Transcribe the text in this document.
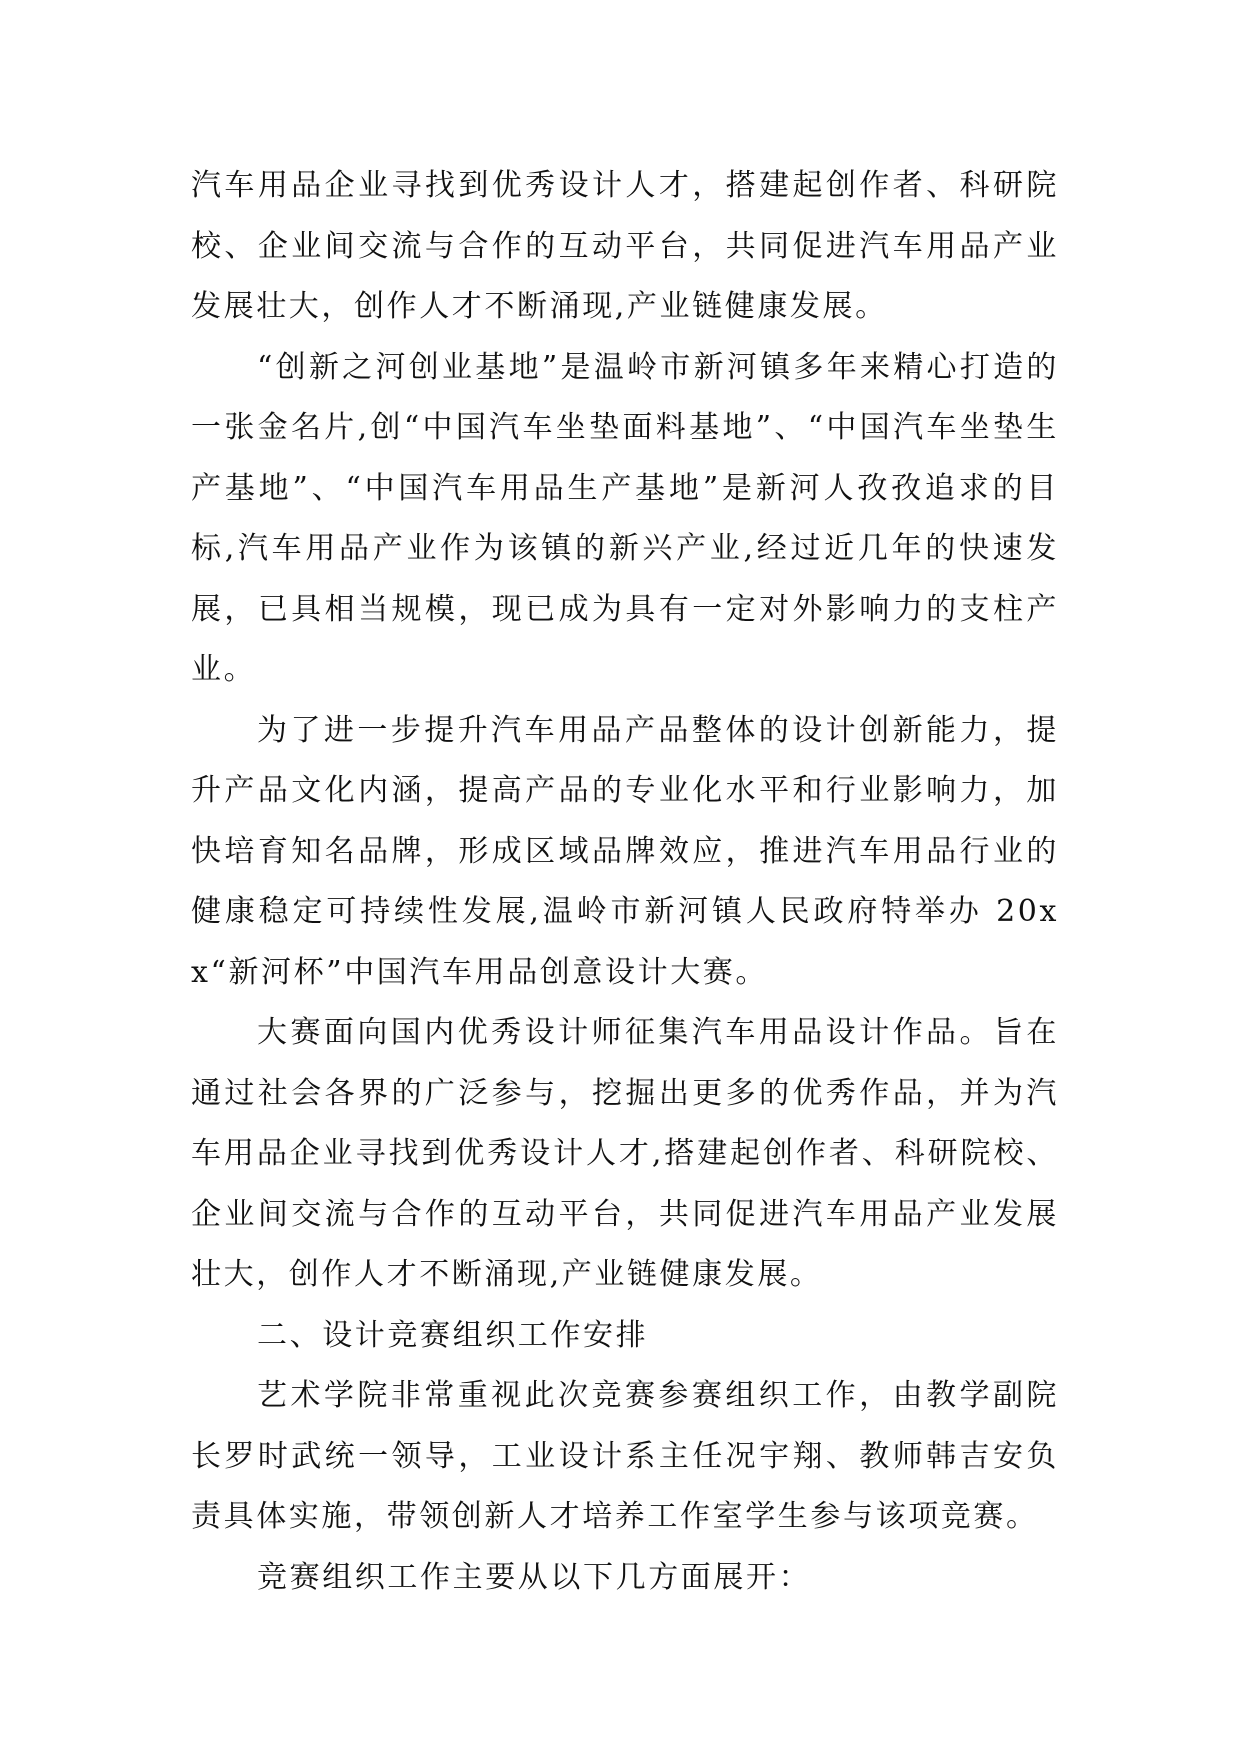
汽车用品企业寻找到优秀设计人才，搭建起创作者、科研院校、企业间交流与合作的互动平台，共同促进汽车用品产业发展壮大，创作人才不断涌现,产业链健康发展。

“创新之河创业基地”是温岭市新河镇多年来精心打造的一张金名片,创“中国汽车坐垫面料基地”、“中国汽车坐垫生产基地”、“中国汽车用品生产基地”是新河人孜孜追求的目标,汽车用品产业作为该镇的新兴产业,经过近几年的快速发展，已具相当规模，现已成为具有一定对外影响力的支柱产业。

为了进一步提升汽车用品产品整体的设计创新能力，提升产品文化内涵，提高产品的专业化水平和行业影响力，加快培育知名品牌，形成区域品牌效应，推进汽车用品行业的健康稳定可持续性发展,温岭市新河镇人民政府特举办 20xx“新河杯”中国汽车用品创意设计大赛。

大赛面向国内优秀设计师征集汽车用品设计作品。旨在通过社会各界的广泛参与，挖掘出更多的优秀作品，并为汽车用品企业寻找到优秀设计人才,搭建起创作者、科研院校、企业间交流与合作的互动平台，共同促进汽车用品产业发展壮大，创作人才不断涌现,产业链健康发展。

二、设计竞赛组织工作安排

艺术学院非常重视此次竞赛参赛组织工作，由教学副院长罗时武统一领导，工业设计系主任况宇翔、教师韩吉安负责具体实施，带领创新人才培养工作室学生参与该项竞赛。

竞赛组织工作主要从以下几方面展开：
